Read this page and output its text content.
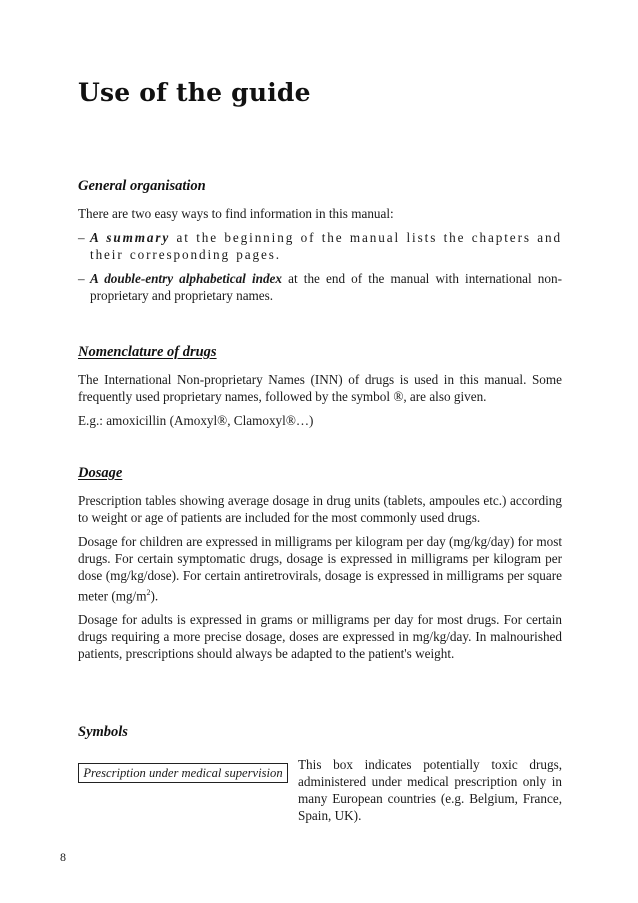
Use of the guide

General organisation

There are two easy ways to find information in this manual:

– A summary at the beginning of the manual lists the chapters and their corresponding pages.
– A double-entry alphabetical index at the end of the manual with international non-proprietary and proprietary names.

Nomenclature of drugs

The International Non-proprietary Names (INN) of drugs is used in this manual. Some frequently used proprietary names, followed by the symbol ®, are also given.

E.g.: amoxicillin (Amoxyl®, Clamoxyl®…)

Dosage

Prescription tables showing average dosage in drug units (tablets, ampoules etc.) according to weight or age of patients are included for the most commonly used drugs.

Dosage for children are expressed in milligrams per kilogram per day (mg/kg/day) for most drugs. For certain symptomatic drugs, dosage is expressed in milligrams per kilogram per dose (mg/kg/dose). For certain antiretrovirals, dosage is expressed in milligrams per square meter $(mg/m^2)$.

Dosage for adults is expressed in grams or milligrams per day for most drugs. For certain drugs requiring a more precise dosage, doses are expressed in mg/kg/day. In malnourished patients, prescriptions should always be adapted to the patient's weight.

Symbols

Prescription under medical supervision
This box indicates potentially toxic drugs, administered under medical prescription only in many European countries (e.g. Belgium, France, Spain, UK).
8
